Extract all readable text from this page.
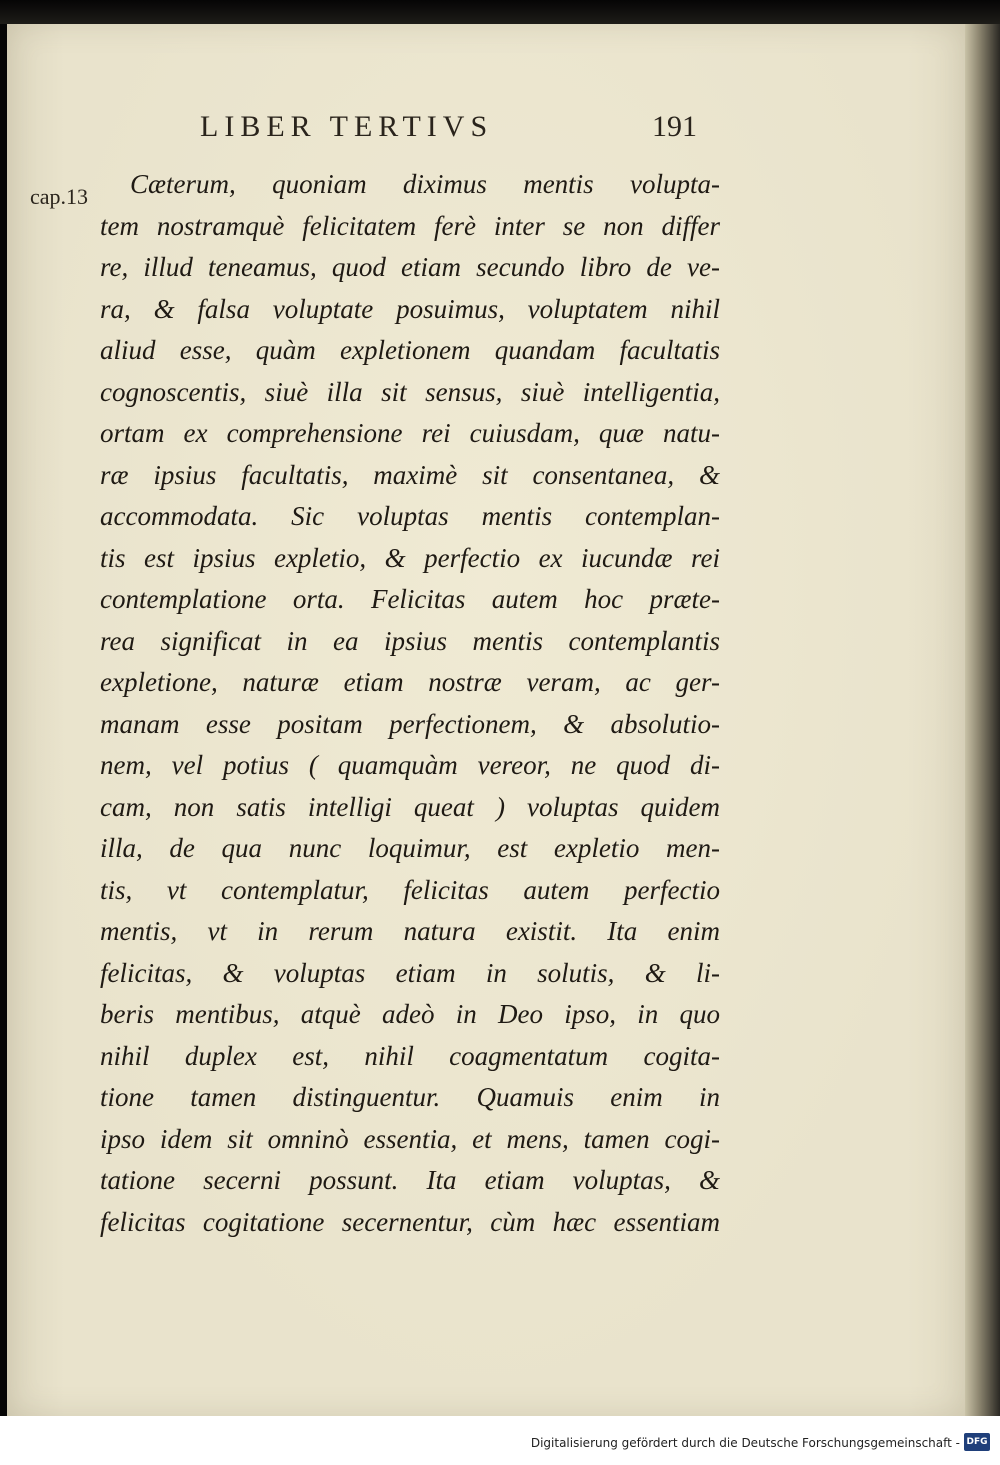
LIBER TERTIVS	191
cap.13	Cæterum, quoniam diximus mentis volupta-
tem nostramquè felicitatem ferè inter se non differ
re, illud teneamus, quod etiam secundo libro de ve-
ra, & falsa voluptate posuimus, voluptatem nihil
aliud esse, quàm expletionem quandam facultatis
cognoscentis, siuè illa sit sensus, siuè intelligentia,
ortam ex comprehensione rei cuiusdam, quæ natu-
ræ ipsius facultatis, maximè sit consentanea, &
accommodata. Sic voluptas mentis contemplan-
tis est ipsius expletio, & perfectio ex iucundæ rei
contemplatione orta. Felicitas autem hoc præte-
rea significat in ea ipsius mentis contemplantis
expletione, naturæ etiam nostræ veram, ac ger-
manam esse positam perfectionem, & absolutio-
nem, vel potius ( quamquàm vereor, ne quod di-
cam, non satis intelligi queat ) voluptas quidem
illa, de qua nunc loquimur, est expletio men-
tis, vt contemplatur, felicitas autem perfectio
mentis, vt in rerum natura existit. Ita enim
felicitas, & voluptas etiam in solutis, & li-
beris mentibus, atquè adeò in Deo ipso, in quo
nihil duplex est, nihil coagmentatum cogita-
tione tamen distinguentur. Quamuis enim in
ipso idem sit omninò essentia, et mens, tamen cogi-
tatione secerni possunt. Ita etiam voluptas, &
felicitas cogitatione secernentur, cùm hæc essentiam
Digitalisierung gefördert durch die Deutsche Forschungsgemeinschaft - DFG
